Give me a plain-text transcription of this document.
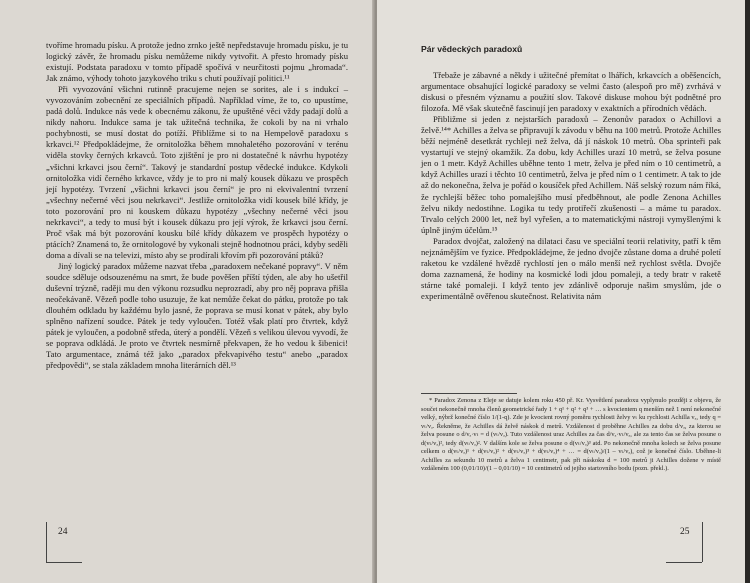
tvoříme hromadu písku. A protože jedno zrnko ještě nepředstavuje hromadu písku, je tu logický závěr, že hromadu písku nemůžeme nikdy vytvořit. A přesto hromady písku existují. Podstata paradoxu v tomto případě spočívá v neurčitosti pojmu „hromada“. Jak známo, výhody tohoto jazykového triku s chutí používají politici.¹¹

Při vyvozování všichni rutinně pracujeme nejen se sorites, ale i s indukcí – vyvozováním zobecnění ze speciálních případů. Například víme, že to, co upustíme, padá dolů. Indukce nás vede k obecnému zákonu, že upuštěné věci vždy padají dolů a nikdy nahoru. Indukce sama je tak užitečná technika, že cokoli by na ni vrhalo pochybnosti, se musí dostat do potíží. Přiblížme si to na Hempelově paradoxu s krkavci.¹² Předpokládejme, že ornitoložka během mnohaletého pozorování v terénu viděla stovky černých krkavců. Toto zjištění je pro ni dostatečné k návrhu hypotézy „všichni krkavci jsou černí“. Takový je standardní postup vědecké indukce. Kdykoli ornitoložka vidí černého krkavce, vždy je to pro ni malý kousek důkazu ve prospěch její hypotézy. Tvrzení „všichni krkavci jsou černí“ je pro ni ekvivalentní tvrzení „všechny nečerné věci jsou nekrkavci“. Jestliže ornitoložka vidí kousek bílé křídy, je toto pozorování pro ni kouskem důkazu hypotézy „všechny nečerné věci jsou nekrkavci“, a tedy to musí být i kousek důkazu pro její výrok, že krkavci jsou černí. Proč však má být pozorování kousku bílé křídy důkazem ve prospěch hypotézy o ptácích? Znamená to, že ornitologové by vykonali stejně hodnotnou práci, kdyby seděli doma a dívali se na televizi, místo aby se prodírali křovím při pozorování ptáků?

Jiný logický paradox můžeme nazvat třeba „paradoxem nečekané popravy“. V něm soudce sděluje odsouzenému na smrt, že bude pověšen příští týden, ale aby ho ušetřil duševní trýzně, raději mu den výkonu rozsudku neprozradí, aby pro něj poprava přišla neočekávaně. Vězeň podle toho usuzuje, že kat nemůže čekat do pátku, protože po tak dlouhém odkladu by každému bylo jasné, že poprava se musí konat v pátek, aby bylo splněno nařízení soudce. Pátek je tedy vyloučen. Totéž však platí pro čtvrtek, když pátek je vyloučen, a podobně středa, úterý a pondělí. Vězeň s velikou úlevou vyvodí, že se poprava odkládá. Je proto ve čtvrtek nesmírně překvapen, že ho vedou k šibenici! Tato argumentace, známá též jako „paradox překvapivého testu“ anebo „paradox předpovědi“, se stala základem mnoha literárních děl.¹³

24
Pár vědeckých paradoxů

Třebaže je zábavné a někdy i užitečné přemítat o lhářích, krkavcích a oběšencích, argumentace obsahující logické paradoxy se velmi často (alespoň pro mě) zvrhává v diskusi o přesném významu a použití slov. Takové diskuse mohou být podnětné pro filozofa. Mě však skutečně fascinují jen paradoxy v exaktních a přírodních vědách.

Přibližme si jeden z nejstarších paradoxů – Zenonův paradox o Achillovi a želvě.¹⁴* Achilles a želva se připravují k závodu v běhu na 100 metrů. Protože Achilles běží nejméně desetkrát rychleji než želva, dá jí náskok 10 metrů. Oba sprinteři pak vystartují ve stejný okamžik. Za dobu, kdy Achilles urazí 10 metrů, se želva posune jen o 1 metr. Když Achilles uběhne tento 1 metr, želva je před ním o 10 centimetrů, a když Achilles urazí i těchto 10 centimetrů, želva je před ním o 1 centimetr. A tak to jde až do nekonečna, želva je pořád o kousíček před Achillem. Náš selský rozum nám říká, že rychlejší běžec toho pomalejšího musí předběhnout, ale podle Zenona Achilles želvu nikdy nedostihne. Logika tu tedy protiřečí zkušenosti – a máme tu paradox. Trvalo celých 2000 let, než byl vyřešen, a to matematickými nástroji vymyšlenými k úplně jiným účelům.¹⁵

Paradox dvojčat, založený na dilataci času ve speciální teorii relativity, patří k těm nejznámějším ve fyzice. Předpokládejme, že jedno dvojče zůstane doma a druhé poletí raketou ke vzdálené hvězdě rychlostí jen o málo menší než rychlost světla. Dvojče doma zaznamená, že hodiny na kosmické lodi jdou pomaleji, a tedy bratr v raketě stárne také pomaleji. I když tento jev zdánlivě odporuje našim smyslům, jde o experimentálně ověřenou skutečnost. Relativita nám

* Paradox Zenona z Eleje se datuje kolem roku 450 př. Kr. Vysvětlení paradoxu vyplynulo později z objevu, že součet nekonečně mnoha členů geometrické řady 1 + q¹ + q² + q³ + … s kvocientem q menším než 1 není nekonečné velký, nýbrž konečné číslo 1/(1-q). Zde je kvocient rovný poměru rychlosti želvy vₜ ku rychlosti Achilla vₐ, tedy q = vₜ/vₐ. Řekněme, že Achilles dá želvě náskok d metrů. Vzdálenost d proběhne Achilles za dobu d/vₐ, za kterou se želva posune o d/vₐ·vₜ = d (vₜ/vₐ). Tuto vzdálenost uraz Achilles za čas d/vₐ·vₜ/vₐ, ale za tento čas se želva posune o d(vₜ/vₐ)², tedy d(vₜ/vₐ)². V dalším kole se želva posune o d(vₜ/vₐ)³ atd. Po nekonečně mnoha kolech se želva posune celkem o d(vₜ/vₐ)¹ + d(vₜ/vₐ)² + d(vₜ/vₐ)³ + d(vₜ/vₐ)⁴ + … = d(vₜ/vₐ)/(1 – vₜ/vₐ), což je konečné číslo. Uběhne-li Achilles za sekundu 10 metrů a želva 1 centimetr, pak při náskoku d = 100 metrů ji Achilles dožene v místě vzdáleném 100 (0,01/10)/(1 – 0,01/10) = 10 centimetrů od jejího startovního bodu (pozn. překl.).

25
